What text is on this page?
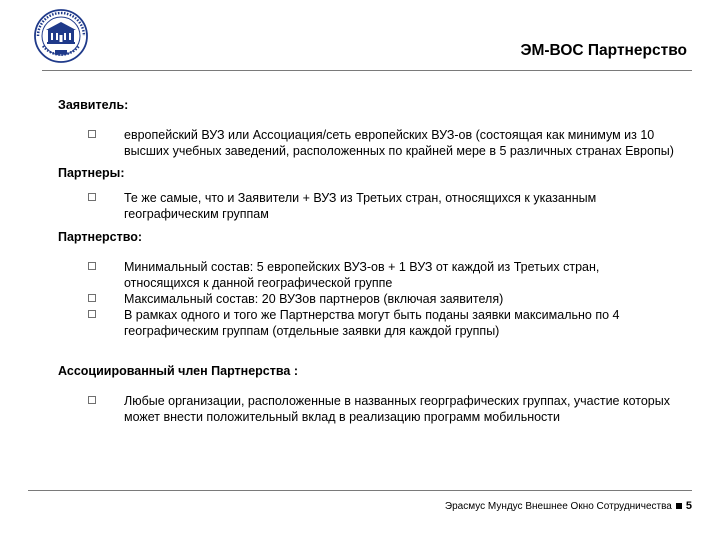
ЭМ-ВОС Партнерство

Заявитель:

европейский ВУЗ или Ассоциация/сеть европейских ВУЗ-ов (состоящая как минимум из 10 высших учебных заведений, расположенных по крайней мере в 5 различных странах Европы)

Партнеры:

Те же самые, что и Заявители + ВУЗ из Третьих стран, относящихся к указанным географическим группам

Партнерство:

Минимальный состав: 5 европейских ВУЗ-ов + 1 ВУЗ от каждой из Третьих стран, относящихся к данной географической группе
Максимальный состав: 20 ВУЗов партнеров (включая заявителя)
В рамках одного и того же Партнерства могут быть поданы заявки максимально по 4 географическим группам (отдельные заявки для каждой группы)

Ассоциированный член Партнерства :

Любые организации, расположенные в названных георграфических группах, участие которых может внести положительный вклад в реализацию программ мобильности
Эрасмус Мундус Внешнее Окно Сотрудничества 5
